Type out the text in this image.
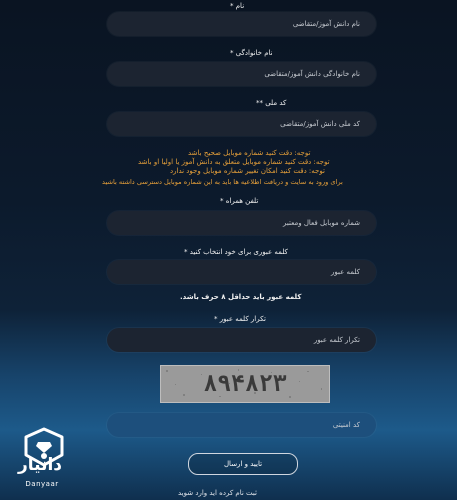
نام *
نام دانش آموز/متقاضی
نام خانوادگی *
نام خانوادگی دانش آموز/متقاضی
کد ملی **
کد ملی دانش آموز/متقاضی
توجه: دقت کنید شماره موبایل صحیح باشد
توجه: دقت کنید شماره موبایل متعلق به دانش آموز یا اولیا او باشد
توجه: دقت کنید امکان تغییر شماره موبایل وجود ندارد
برای ورود به سایت و دریافت اطلاعیه ها باید به این شماره موبایل دسترسی داشته باشید
تلفن همراه *
شماره موبایل فعال ومعتبر
کلمه عبوری برای خود انتخاب کنید *
کلمه عبور
کلمه عبور باید حداقل ۸ حرف باشد.
تکرار کلمه عبور *
تکرار کلمه عبور
۸۹۴۸۲۳
کد امنیتی
تایید و ارسال
ثبت نام کرده اید وارد شوید
دانیار
Danyaar
